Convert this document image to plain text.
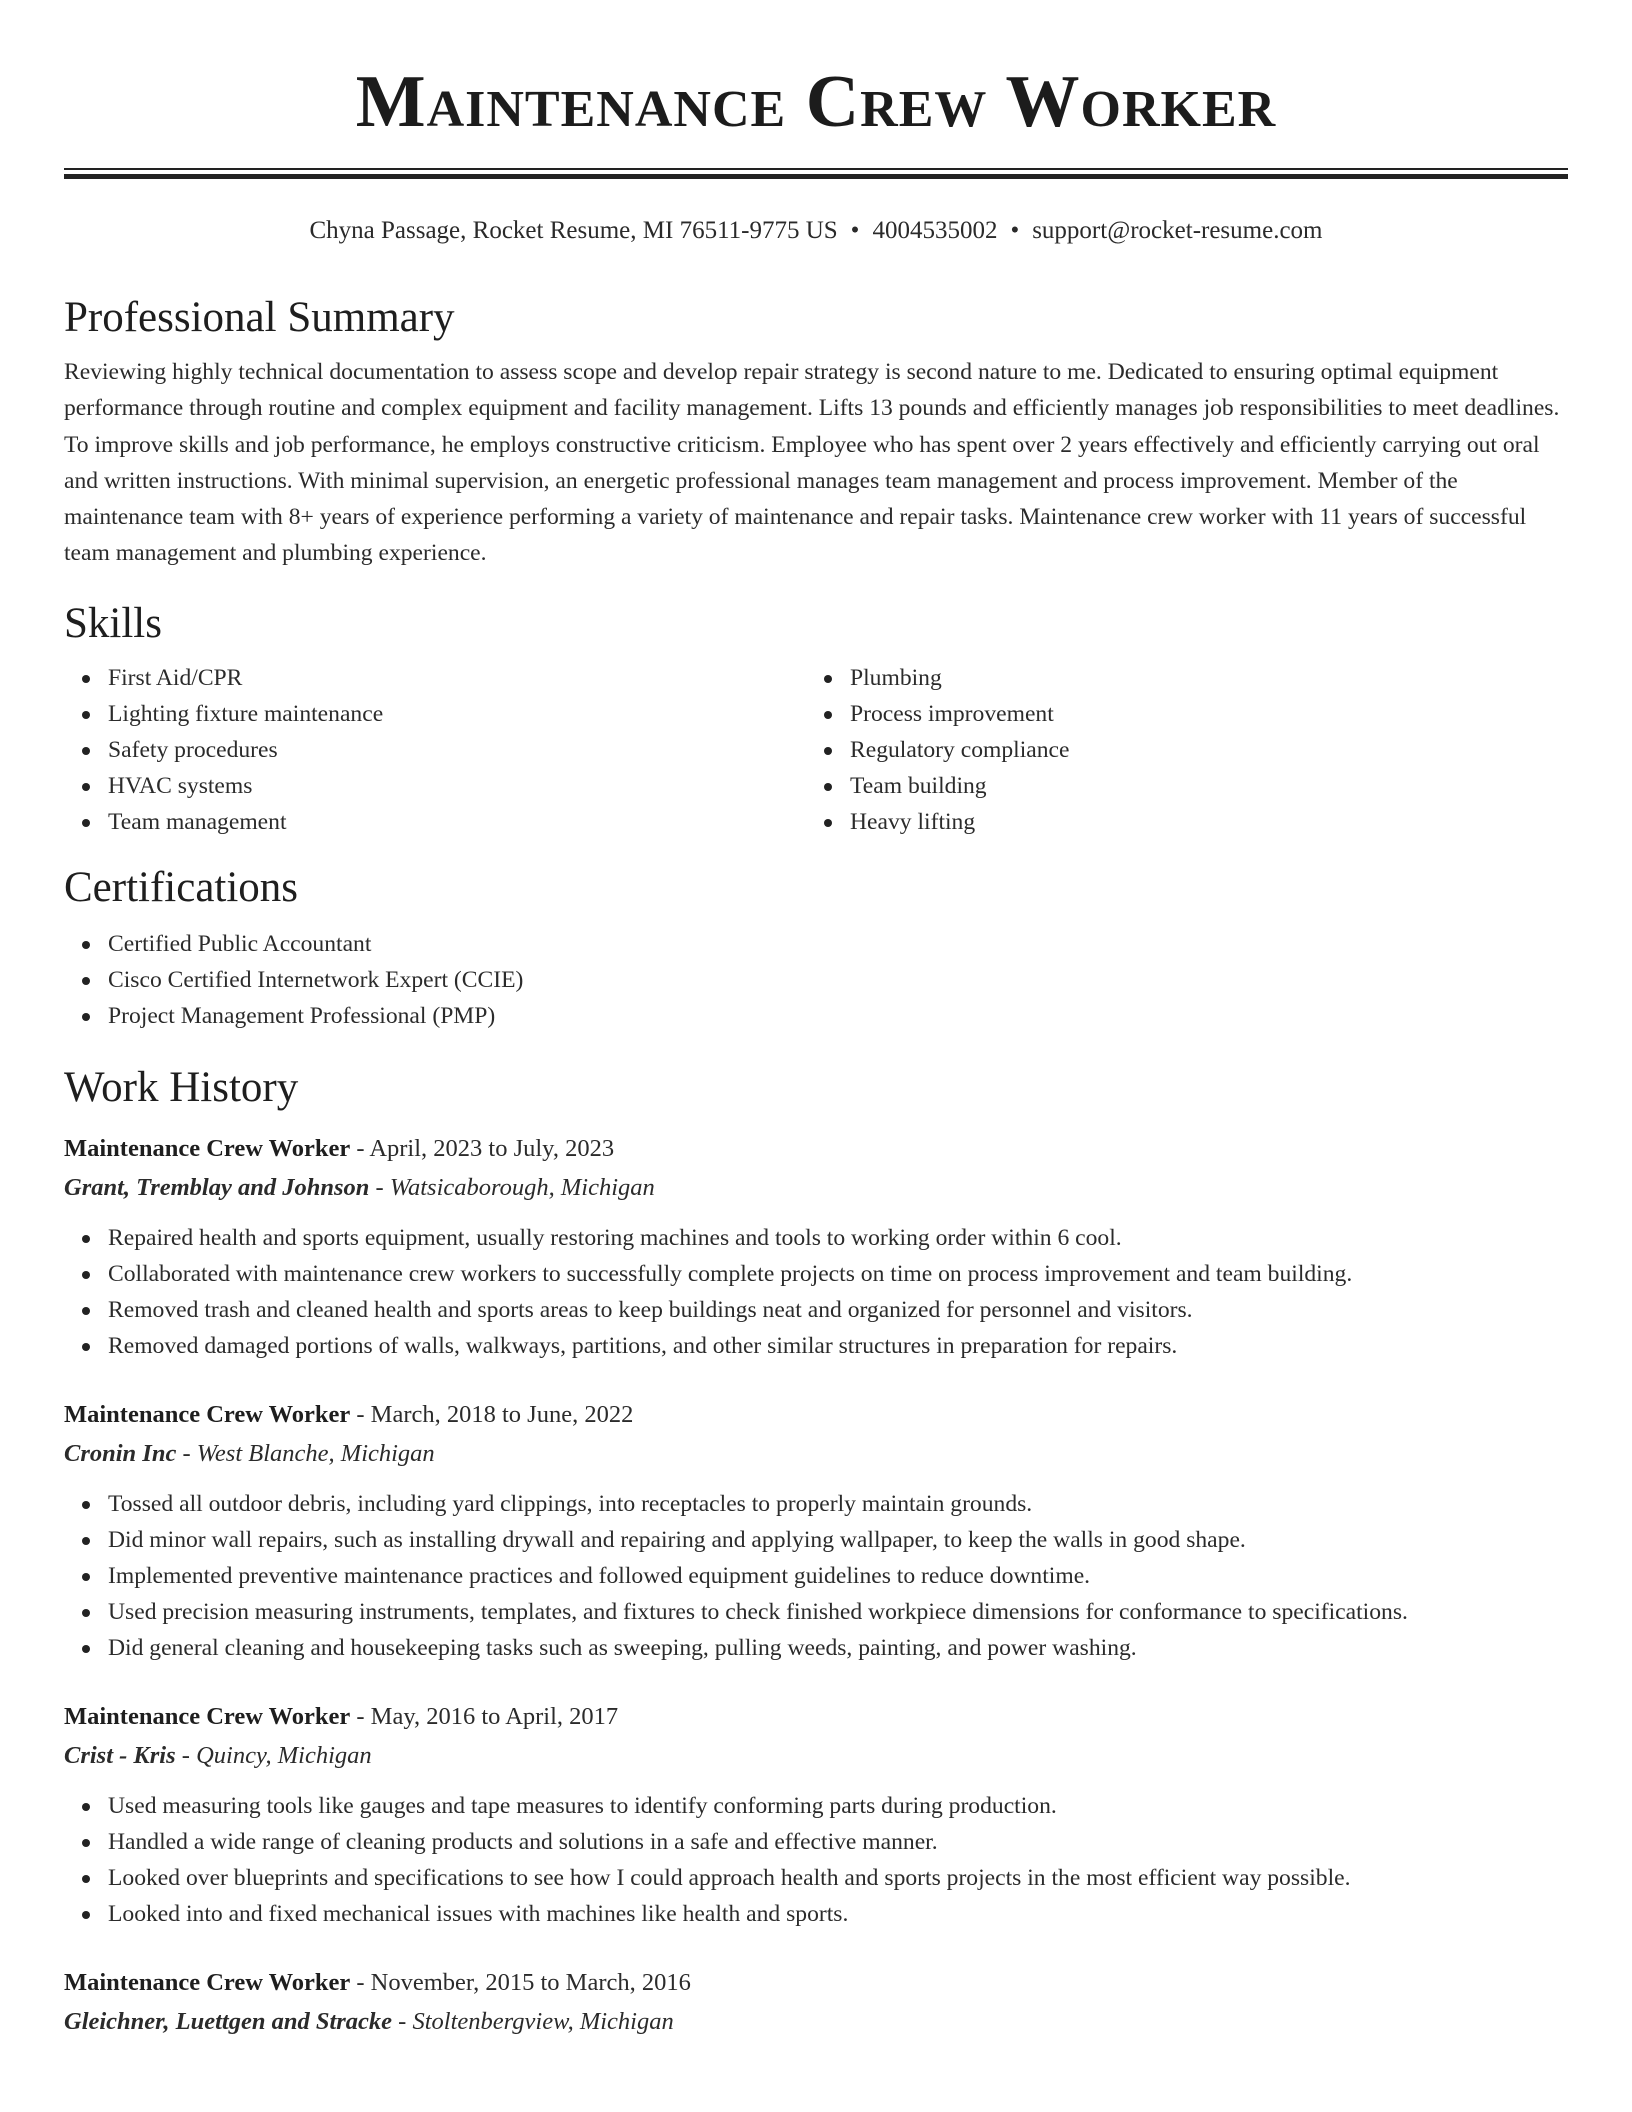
Maintenance Crew Worker
Chyna Passage, Rocket Resume, MI 76511-9775 US • 4004535002 • support@rocket-resume.com
Professional Summary

Reviewing highly technical documentation to assess scope and develop repair strategy is second nature to me. Dedicated to ensuring optimal equipment performance through routine and complex equipment and facility management. Lifts 13 pounds and efficiently manages job responsibilities to meet deadlines. To improve skills and job performance, he employs constructive criticism. Employee who has spent over 2 years effectively and efficiently carrying out oral and written instructions. With minimal supervision, an energetic professional manages team management and process improvement. Member of the maintenance team with 8+ years of experience performing a variety of maintenance and repair tasks. Maintenance crew worker with 11 years of successful team management and plumbing experience.

Skills
First Aid/CPR
Lighting fixture maintenance
Safety procedures
HVAC systems
Team management
Plumbing
Process improvement
Regulatory compliance
Team building
Heavy lifting
Certifications
Certified Public Accountant
Cisco Certified Internetwork Expert (CCIE)
Project Management Professional (PMP)
Work History
Maintenance Crew Worker - April, 2023 to July, 2023
Grant, Tremblay and Johnson - Watsicaborough, Michigan
Repaired health and sports equipment, usually restoring machines and tools to working order within 6 cool.
Collaborated with maintenance crew workers to successfully complete projects on time on process improvement and team building.
Removed trash and cleaned health and sports areas to keep buildings neat and organized for personnel and visitors.
Removed damaged portions of walls, walkways, partitions, and other similar structures in preparation for repairs.
Maintenance Crew Worker - March, 2018 to June, 2022
Cronin Inc - West Blanche, Michigan
Tossed all outdoor debris, including yard clippings, into receptacles to properly maintain grounds.
Did minor wall repairs, such as installing drywall and repairing and applying wallpaper, to keep the walls in good shape.
Implemented preventive maintenance practices and followed equipment guidelines to reduce downtime.
Used precision measuring instruments, templates, and fixtures to check finished workpiece dimensions for conformance to specifications.
Did general cleaning and housekeeping tasks such as sweeping, pulling weeds, painting, and power washing.
Maintenance Crew Worker - May, 2016 to April, 2017
Crist - Kris - Quincy, Michigan
Used measuring tools like gauges and tape measures to identify conforming parts during production.
Handled a wide range of cleaning products and solutions in a safe and effective manner.
Looked over blueprints and specifications to see how I could approach health and sports projects in the most efficient way possible.
Looked into and fixed mechanical issues with machines like health and sports.
Maintenance Crew Worker - November, 2015 to March, 2016
Gleichner, Luettgen and Stracke - Stoltenbergview, Michigan
